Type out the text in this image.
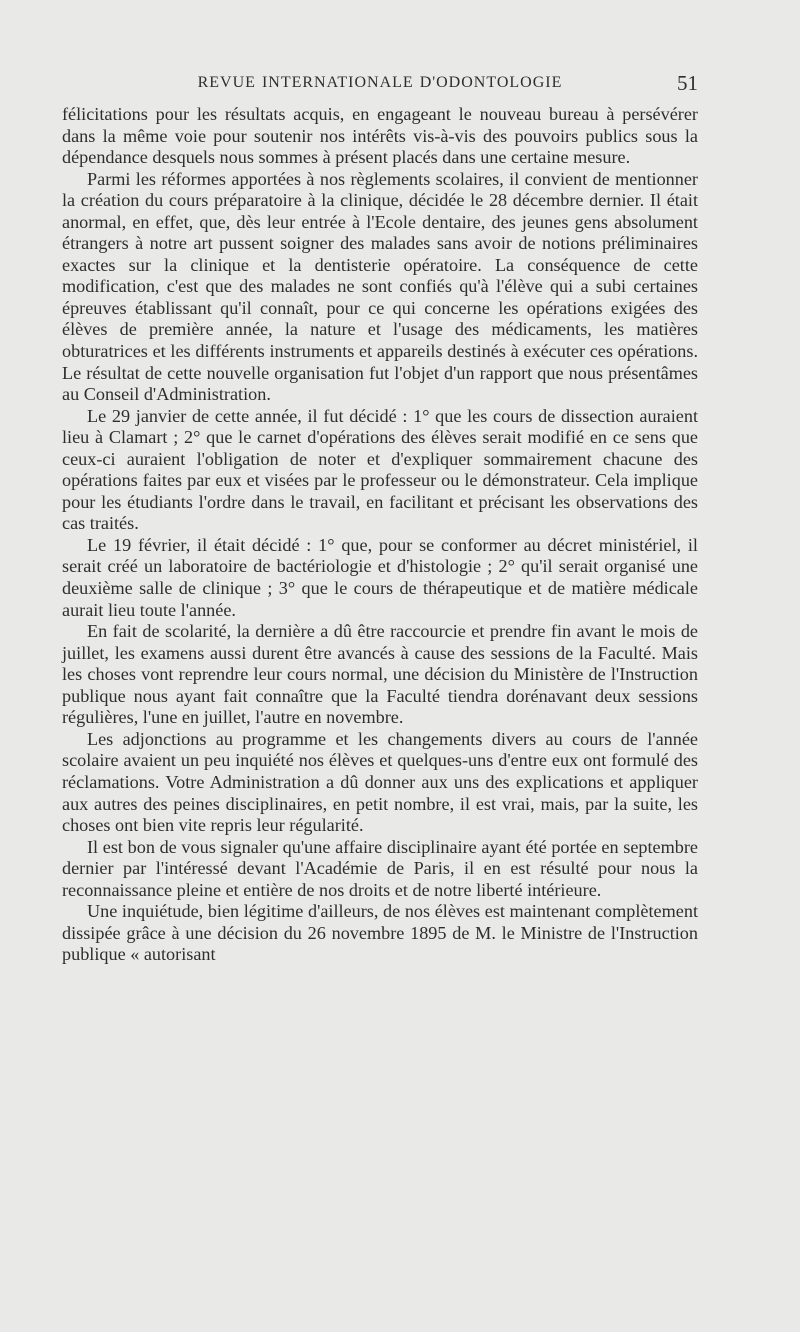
REVUE INTERNATIONALE D'ODONTOLOGIE	51

félicitations pour les résultats acquis, en engageant le nouveau bureau à persévérer dans la même voie pour soutenir nos intérêts vis-à-vis des pouvoirs publics sous la dépendance desquels nous sommes à présent placés dans une certaine mesure.

Parmi les réformes apportées à nos règlements scolaires, il convient de mentionner la création du cours préparatoire à la clinique, décidée le 28 décembre dernier. Il était anormal, en effet, que, dès leur entrée à l'Ecole dentaire, des jeunes gens absolument étrangers à notre art pussent soigner des malades sans avoir de notions préliminaires exactes sur la clinique et la dentisterie opératoire. La conséquence de cette modification, c'est que des malades ne sont confiés qu'à l'élève qui a subi certaines épreuves établissant qu'il connaît, pour ce qui concerne les opérations exigées des élèves de première année, la nature et l'usage des médicaments, les matières obturatrices et les différents instruments et appareils destinés à exécuter ces opérations. Le résultat de cette nouvelle organisation fut l'objet d'un rapport que nous présentâmes au Conseil d'Administration.

Le 29 janvier de cette année, il fut décidé : 1° que les cours de dissection auraient lieu à Clamart ; 2° que le carnet d'opérations des élèves serait modifié en ce sens que ceux-ci auraient l'obligation de noter et d'expliquer sommairement chacune des opérations faites par eux et visées par le professeur ou le démonstrateur. Cela implique pour les étudiants l'ordre dans le travail, en facilitant et précisant les observations des cas traités.

Le 19 février, il était décidé : 1° que, pour se conformer au décret ministériel, il serait créé un laboratoire de bactériologie et d'histologie ; 2° qu'il serait organisé une deuxième salle de clinique ; 3° que le cours de thérapeutique et de matière médicale aurait lieu toute l'année.

En fait de scolarité, la dernière a dû être raccourcie et prendre fin avant le mois de juillet, les examens aussi durent être avancés à cause des sessions de la Faculté. Mais les choses vont reprendre leur cours normal, une décision du Ministère de l'Instruction publique nous ayant fait connaître que la Faculté tiendra dorénavant deux sessions régulières, l'une en juillet, l'autre en novembre.

Les adjonctions au programme et les changements divers au cours de l'année scolaire avaient un peu inquiété nos élèves et quelques-uns d'entre eux ont formulé des réclamations. Votre Administration a dû donner aux uns des explications et appliquer aux autres des peines disciplinaires, en petit nombre, il est vrai, mais, par la suite, les choses ont bien vite repris leur régularité.

Il est bon de vous signaler qu'une affaire disciplinaire ayant été portée en septembre dernier par l'intéressé devant l'Académie de Paris, il en est résulté pour nous la reconnaissance pleine et entière de nos droits et de notre liberté intérieure.

Une inquiétude, bien légitime d'ailleurs, de nos élèves est maintenant complètement dissipée grâce à une décision du 26 novembre 1895 de M. le Ministre de l'Instruction publique « autorisant
